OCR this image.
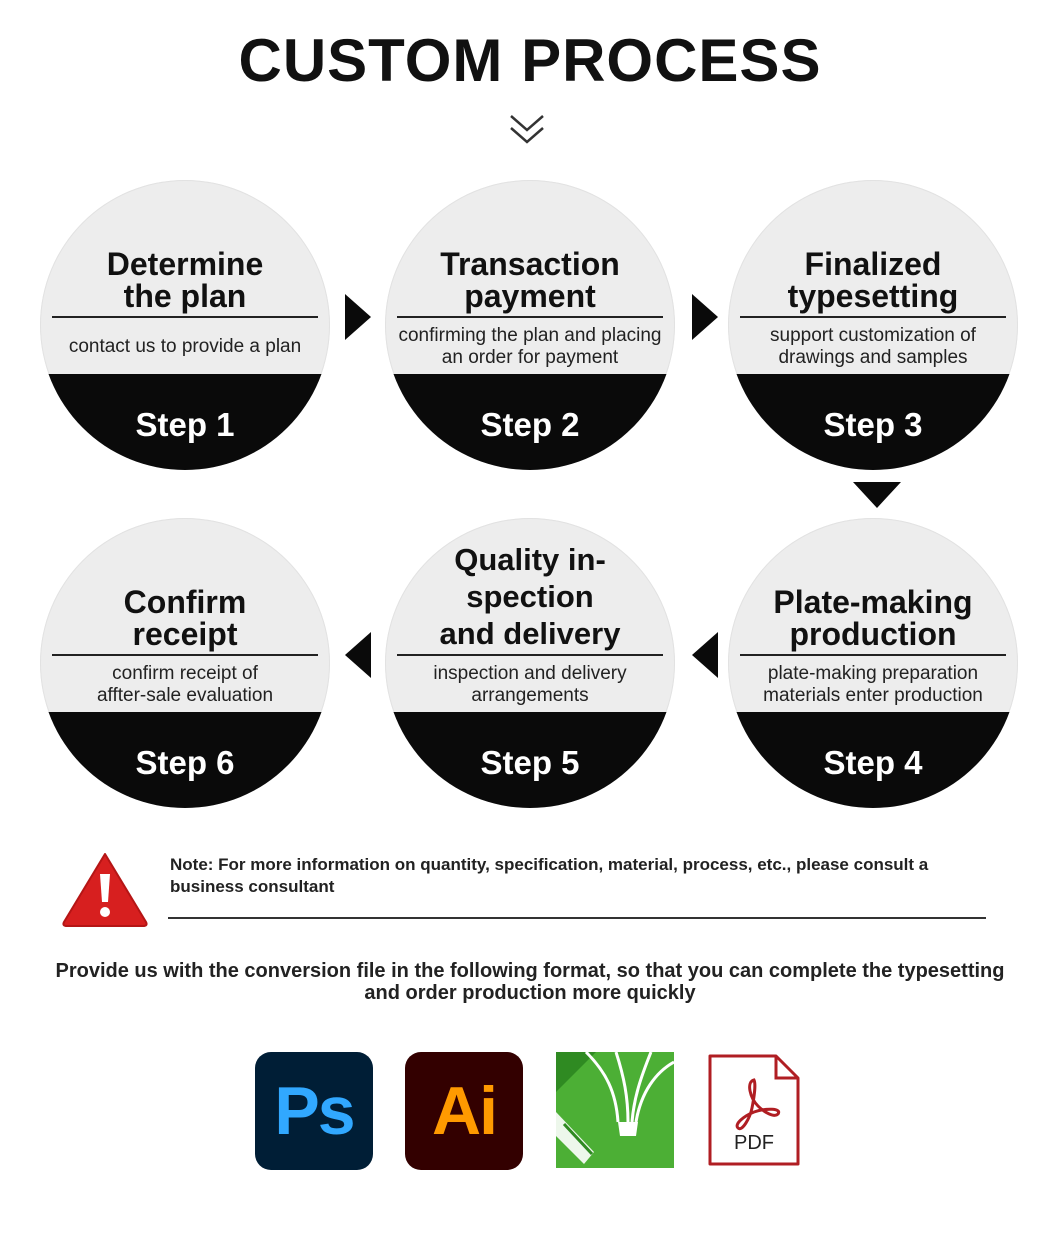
CUSTOM PROCESS
Determine
the plan
contact us to provide a plan
Step 1
Transaction
payment
confirming the plan and placing
an order for payment
Step 2
Finalized
typesetting
support customization of
drawings and samples
Step 3
Confirm
receipt
confirm receipt of
affter-sale evaluation
Step 6
Quality in-
spection
and delivery
inspection and delivery
arrangements
Step 5
Plate-making
production
plate-making preparation
materials enter production
Step 4
Note: For more information on quantity, specification, material, process, etc., please consult a business consultant
Provide us with the conversion file in the following format, so that you can complete the typesetting and order production more quickly
Ps Ai	PDF
